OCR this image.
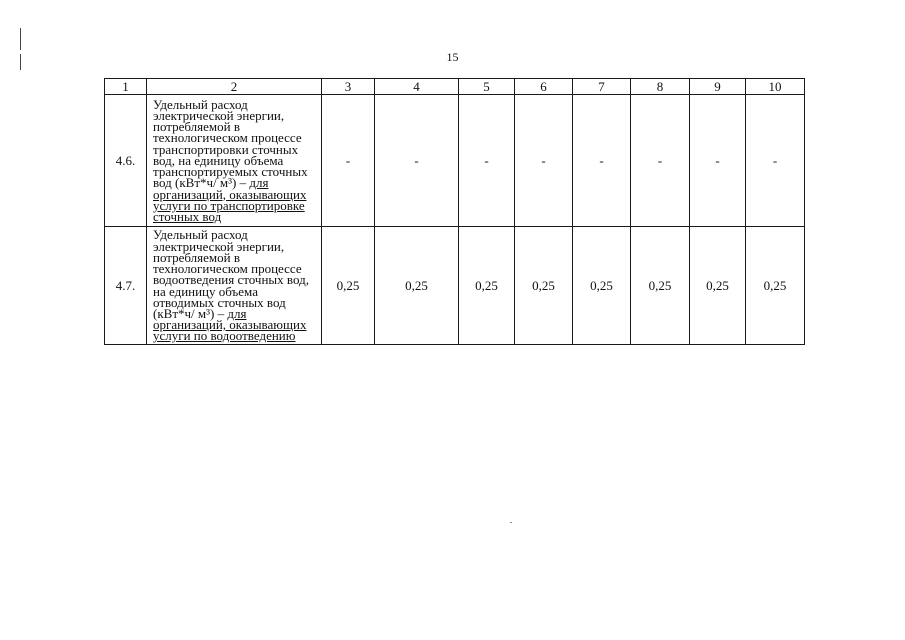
15
1	2	3	4	5	6	7	8	9	10
4.6.	Удельный расход электрической энергии, потребляемой в технологическом процессе транспортировки сточных вод, на единицу объема транспортируемых сточных вод (кВт*ч/ м³) – для организаций, оказывающих услуги по транспортировке сточных вод	-	-	-	-	-	-	-	-
4.7.	Удельный расход электрической энергии, потребляемой в технологическом процессе водоотведения сточных вод, на единицу объема отводимых сточных вод (кВт*ч/ м³) – для организаций, оказывающих услуги по водоотведению	0,25	0,25	0,25	0,25	0,25	0,25	0,25	0,25
